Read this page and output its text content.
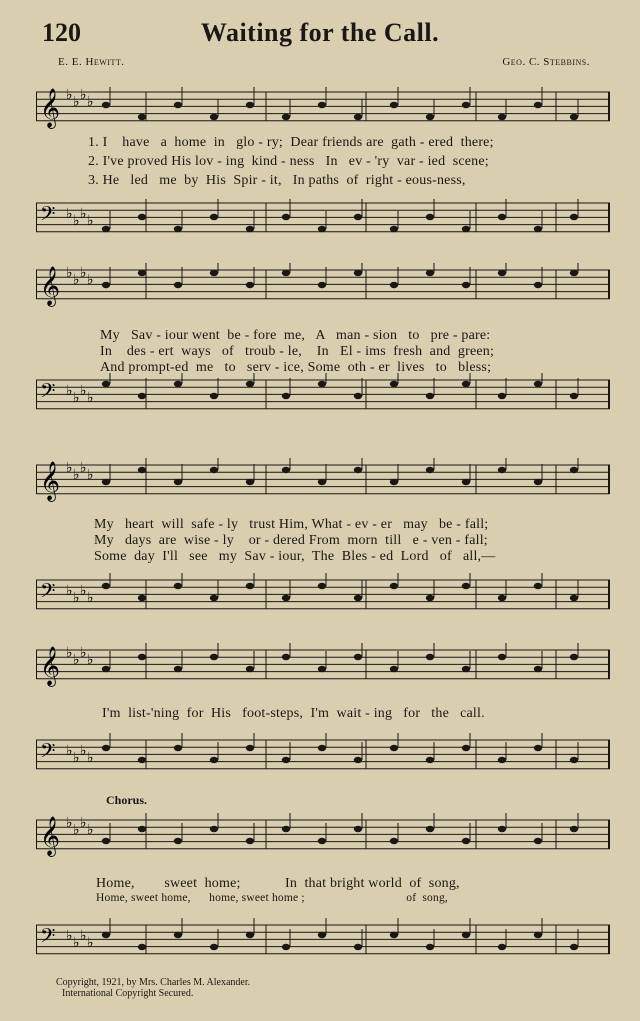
120	Waiting for the Call.
E. E. Hewitt.	Geo. C. Stebbins.
𝄞 ♭ ♭ ♭ ♭
𝄢 ♭ ♭ ♭ ♭
𝄞 ♭ ♭ ♭ ♭
𝄢 ♭ ♭ ♭ ♭
𝄞 ♭ ♭ ♭ ♭
𝄢 ♭ ♭ ♭ ♭
𝄞 ♭ ♭ ♭ ♭
𝄢 ♭ ♭ ♭ ♭
𝄞 ♭ ♭ ♭ ♭
𝄢 ♭ ♭ ♭ ♭
1. I    have   a  home  in   glo - ry;  Dear friends are  gath - ered  there;
2. I've proved His lov - ing  kind - ness   In   ev - 'ry  var - ied  scene;
3. He   led   me  by  His  Spir - it,   In paths  of  right - eous-ness,
My   Sav - iour went  be - fore  me,   A   man - sion   to   pre - pare:
In    des - ert  ways   of   troub - le,    In   El - ims  fresh  and  green;
And prompt-ed  me   to   serv - ice, Some  oth - er  lives   to   bless;
My   heart  will  safe - ly   trust Him, What - ev - er   may   be - fall;
My   days  are  wise - ly    or - dered From  morn  till   e - ven - fall;
Some  day  I'll   see   my  Sav - iour,  The  Bles - ed  Lord   of   all,—
I'm  list-'ning  for  His   foot-steps,  I'm  wait - ing   for   the   call.
Chorus.
Home,        sweet  home;            In  that bright world  of  song,
Home, sweet home,      home, sweet home ;                                 of  song,
Copyright, 1921, by Mrs. Charles M. Alexander.
International Copyright Secured.
